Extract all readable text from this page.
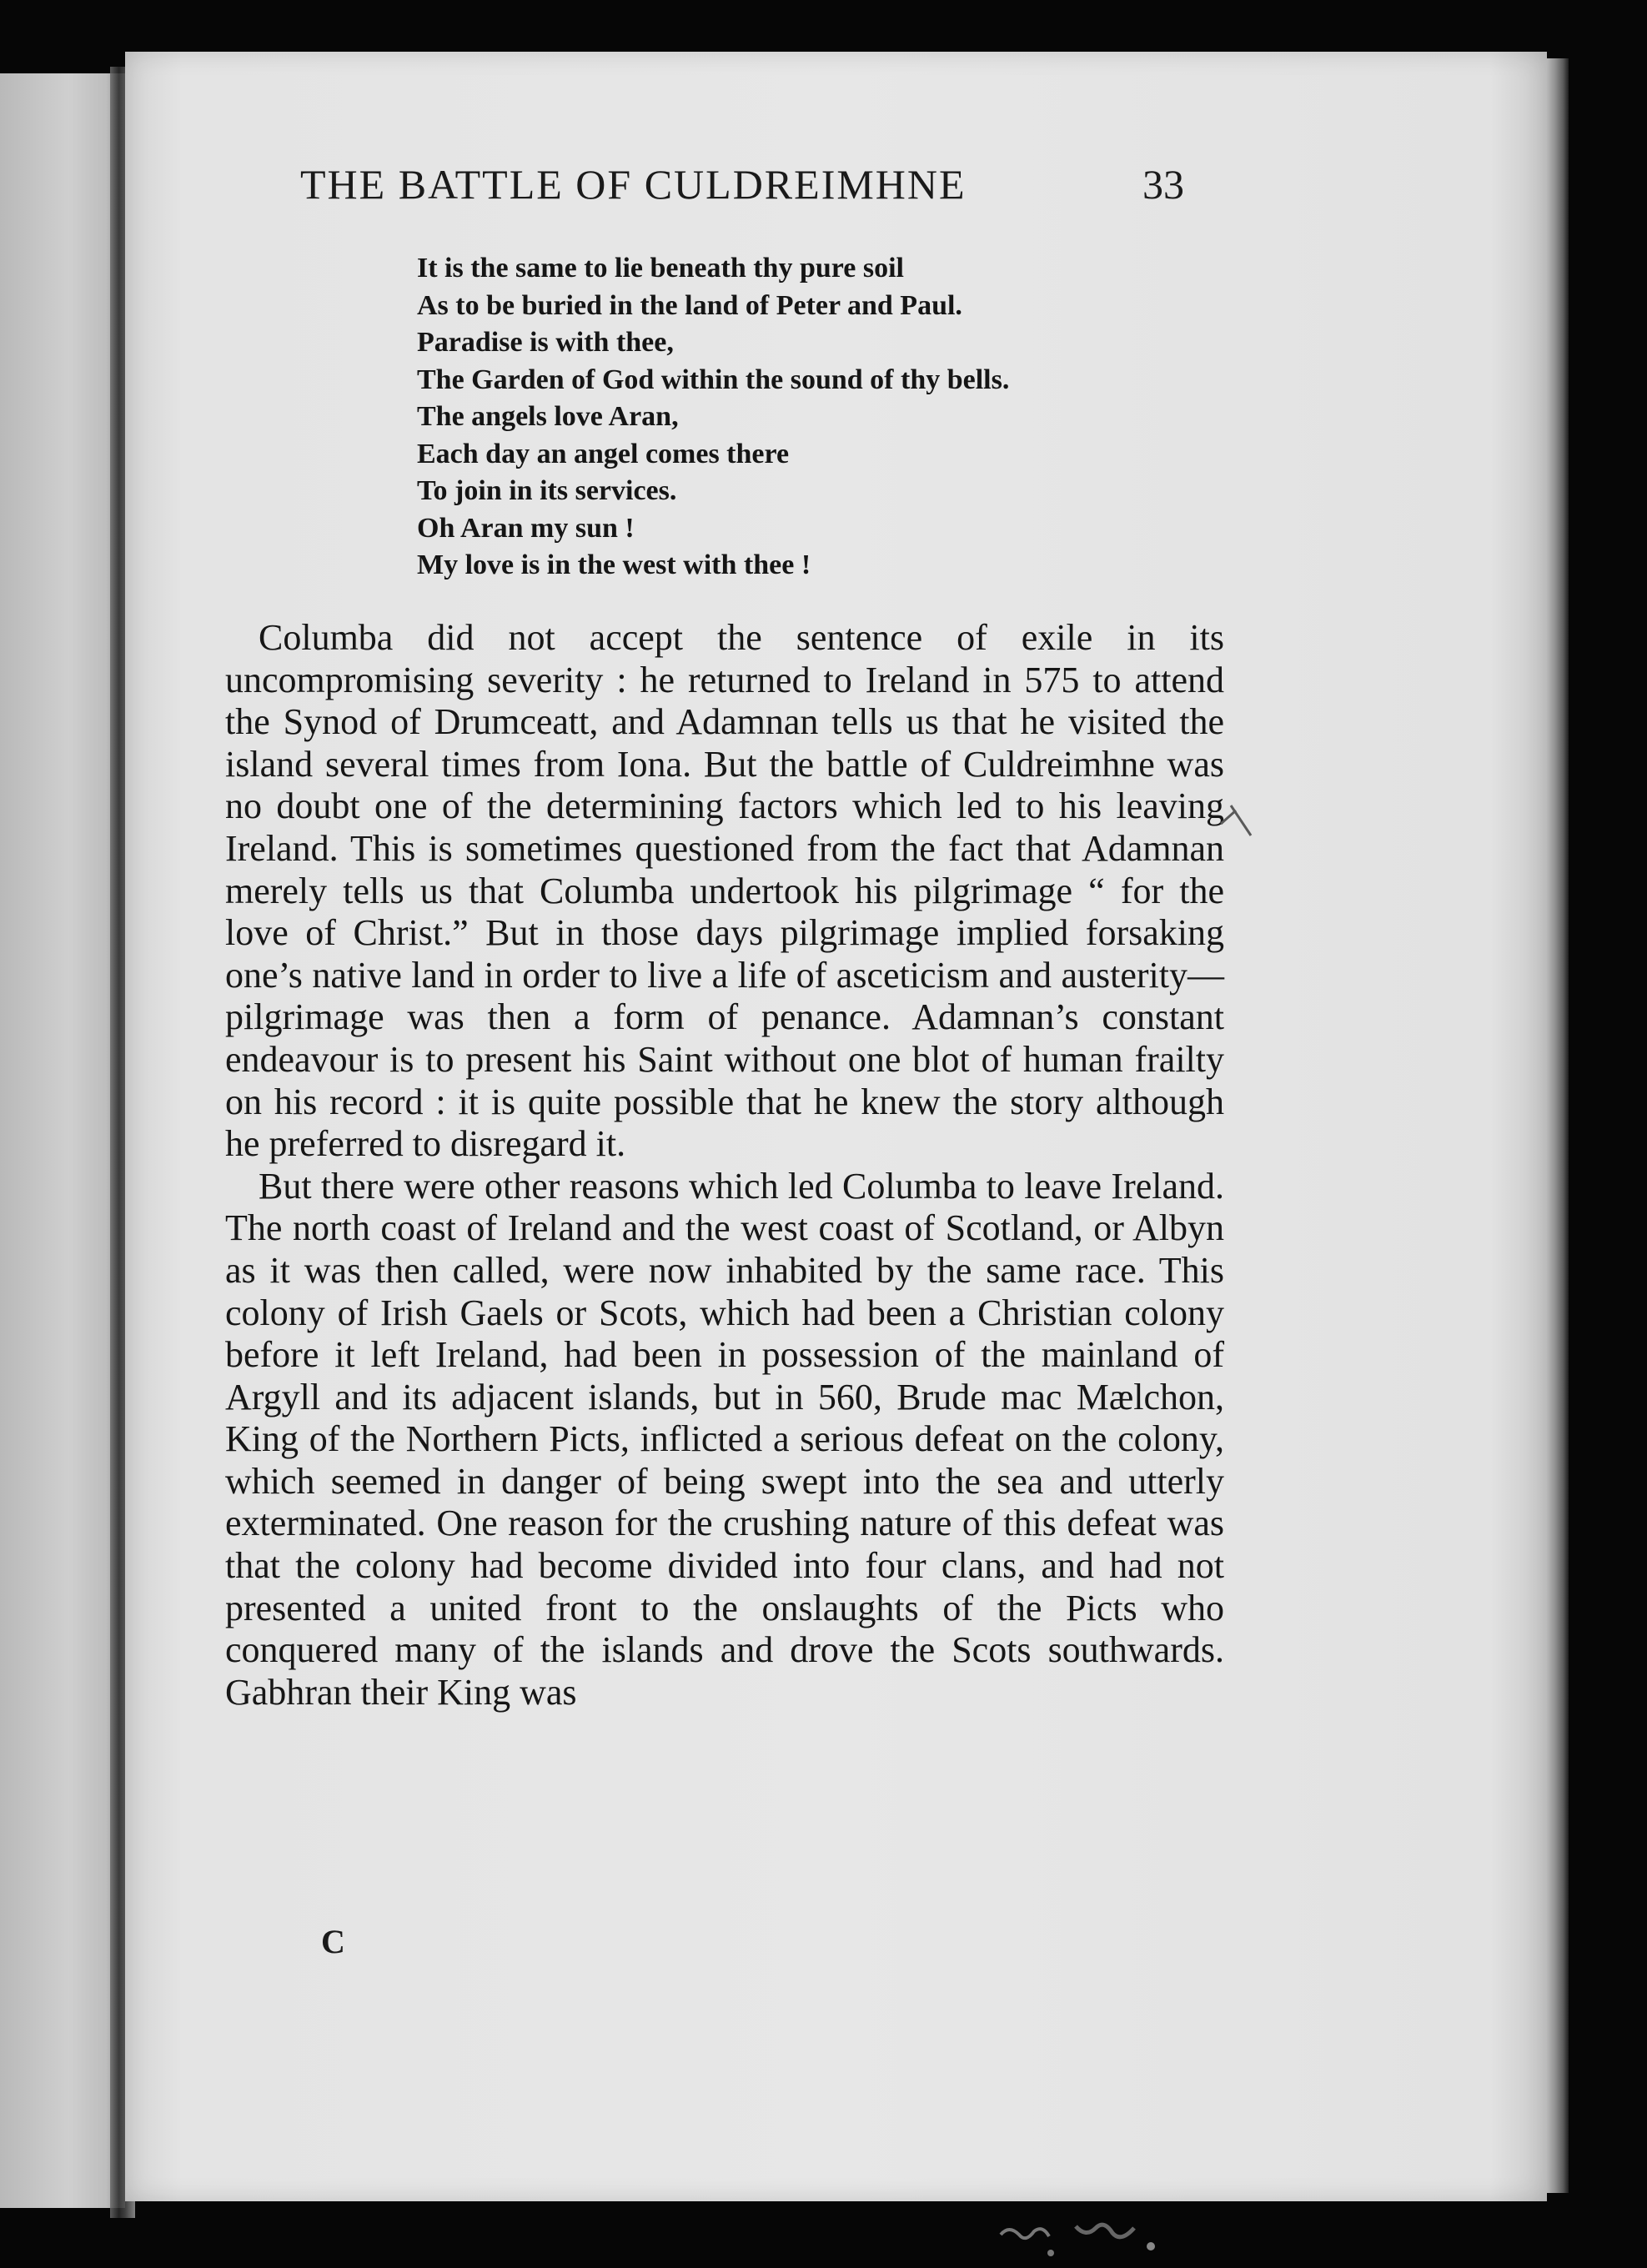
THE BATTLE OF CULDREIMHNE	33
It is the same to lie beneath thy pure soil
As to be buried in the land of Peter and Paul.
Paradise is with thee,
The Garden of God within the sound of thy bells.
The angels love Aran,
Each day an angel comes there
To join in its services.
Oh Aran my sun !
My love is in the west with thee !

Columba did not accept the sentence of exile in its uncompromising severity : he returned to Ireland in 575 to attend the Synod of Drumceatt, and Adamnan tells us that he visited the island several times from Iona. But the battle of Culdreimhne was no doubt one of the determining factors which led to his leaving Ireland. This is sometimes questioned from the fact that Adamnan merely tells us that Columba undertook his pilgrimage “ for the love of Christ.” But in those days pilgrimage implied forsaking one’s native land in order to live a life of asceticism and austerity—pilgrimage was then a form of penance. Adamnan’s constant endeavour is to present his Saint without one blot of human frailty on his record : it is quite possible that he knew the story although he preferred to disregard it.

But there were other reasons which led Columba to leave Ireland. The north coast of Ireland and the west coast of Scotland, or Albyn as it was then called, were now inhabited by the same race. This colony of Irish Gaels or Scots, which had been a Christian colony before it left Ireland, had been in possession of the mainland of Argyll and its adjacent islands, but in 560, Brude mac Mælchon, King of the Northern Picts, inflicted a serious defeat on the colony, which seemed in danger of being swept into the sea and utterly exterminated. One reason for the crushing nature of this defeat was that the colony had become divided into four clans, and had not presented a united front to the onslaughts of the Picts who conquered many of the islands and drove the Scots southwards. Gabhran their King was

C
